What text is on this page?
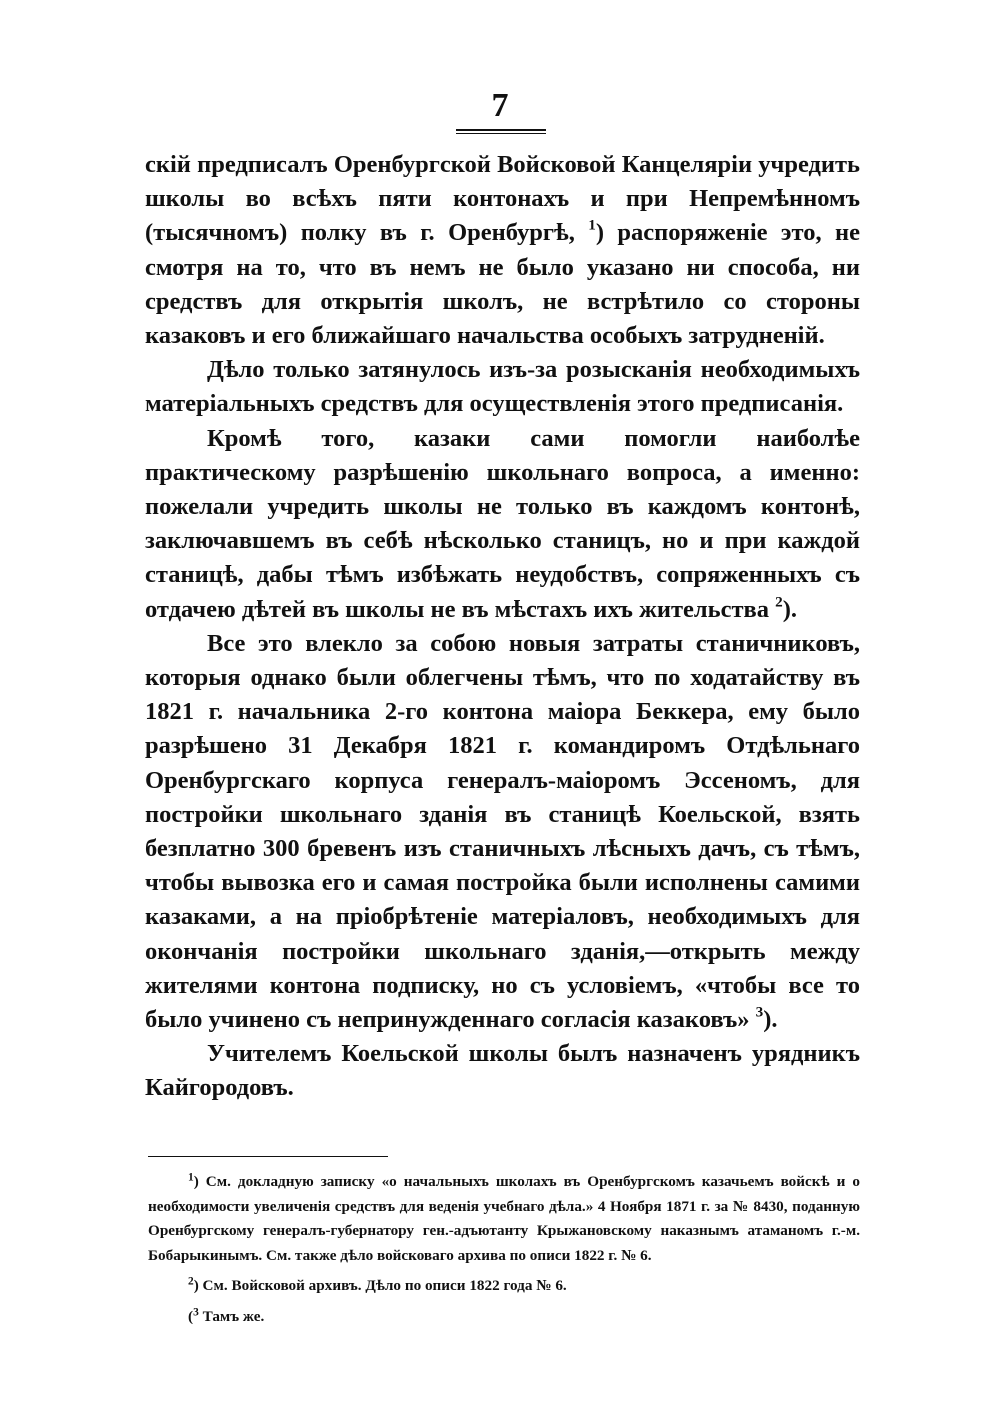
7

скій предписалъ Оренбургской Войсковой Канцеляріи учредить школы во всѣхъ пяти контонахъ и при Непремѣнномъ (тысячномъ) полку въ г. Оренбургѣ, $^1$) распоряженіе это, не смотря на то, что въ немъ не было указано ни способа, ни средствъ для открытія школъ, не встрѣтило со стороны казаковъ и его ближайшаго начальства особыхъ затрудненій.

Дѣло только затянулось изъ-за розысканія необходимыхъ матеріальныхъ средствъ для осуществленія этого предписанія.

Кромѣ того, казаки сами помогли наиболѣе практическому разрѣшенію школьнаго вопроса, а именно: пожелали учредить школы не только въ каждомъ контонѣ, заключавшемъ въ себѣ нѣсколько станицъ, но и при каждой станицѣ, дабы тѣмъ избѣжать неудобствъ, сопряженныхъ съ отдачею дѣтей въ школы не въ мѣстахъ ихъ жительства $^2$).

Все это влекло за собою новыя затраты станичниковъ, которыя однако были облегчены тѣмъ, что по ходатайству въ 1821 г. начальника 2-го контона маіора Беккера, ему было разрѣшено 31 Декабря 1821 г. командиромъ Отдѣльнаго Оренбургскаго корпуса генералъ-маіоромъ Эссеномъ, для постройки школьнаго зданія въ станицѣ Коельской, взять безплатно 300 бревенъ изъ станичныхъ лѣсныхъ дачъ, съ тѣмъ, чтобы вывозка его и самая постройка были исполнены самими казаками, а на пріобрѣтеніе матеріаловъ, необходимыхъ для окончанія постройки школьнаго зданія,—открыть между жителями контона подписку, но съ условіемъ, «чтобы все то было учинено съ непринужденнаго согласія казаковъ» $^3$).

Учителемъ Коельской школы былъ назначенъ урядникъ Кайгородовъ.

$^1$) См. докладную записку «о начальныхъ школахъ въ Оренбургскомъ казачьемъ войскѣ и о необходимости увеличенія средствъ для веденія учебнаго дѣла.» 4 Ноября 1871 г. за № 8430, поданную Оренбургскому генералъ-губернатору ген.-адъютанту Крыжановскому наказнымъ атаманомъ г.-м. Бобарыкинымъ. См. также дѣло войсковаго архива по описи 1822 г. № 6.

$^2$) См. Войсковой архивъ. Дѣло по описи 1822 года № 6.

($^3$ Тамъ же.
